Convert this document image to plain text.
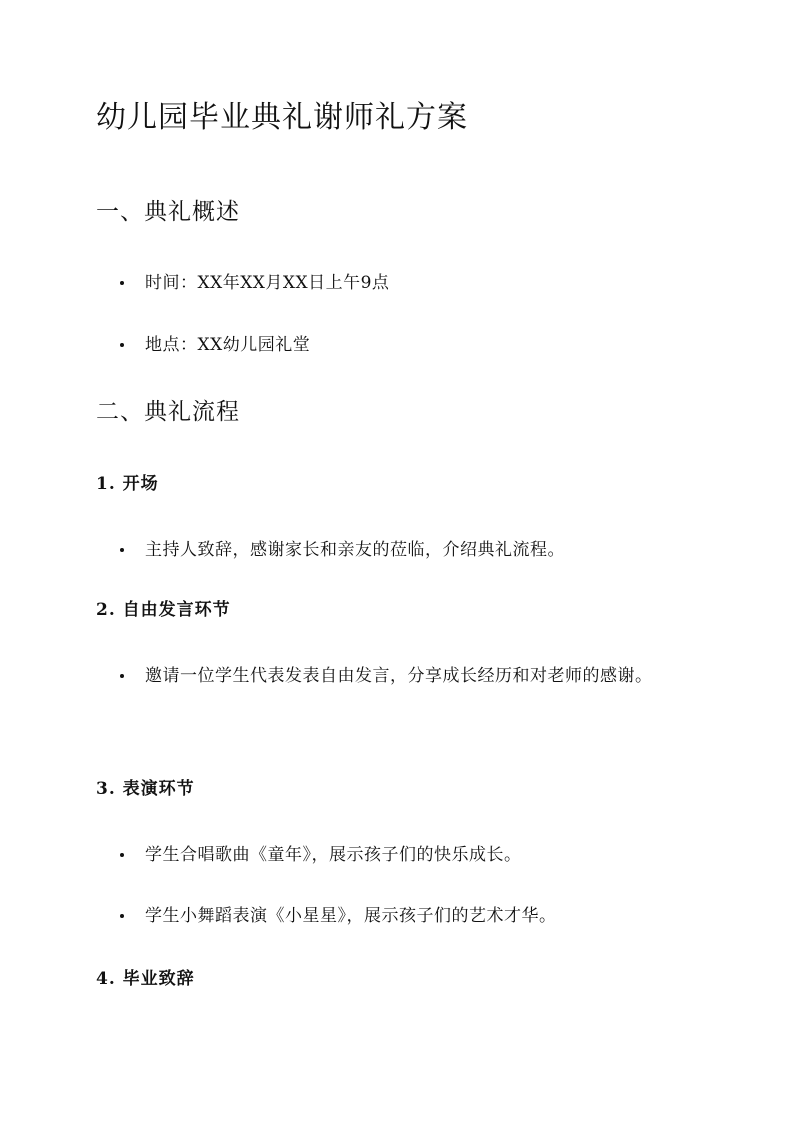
幼儿园毕业典礼谢师礼方案
一、典礼概述
时间：XX年XX月XX日上午9点
地点：XX幼儿园礼堂
二、典礼流程
1. 开场
主持人致辞，感谢家长和亲友的莅临，介绍典礼流程。
2. 自由发言环节
邀请一位学生代表发表自由发言，分享成长经历和对老师的感谢。
3. 表演环节
学生合唱歌曲《童年》，展示孩子们的快乐成长。
学生小舞蹈表演《小星星》，展示孩子们的艺术才华。
4. 毕业致辞
